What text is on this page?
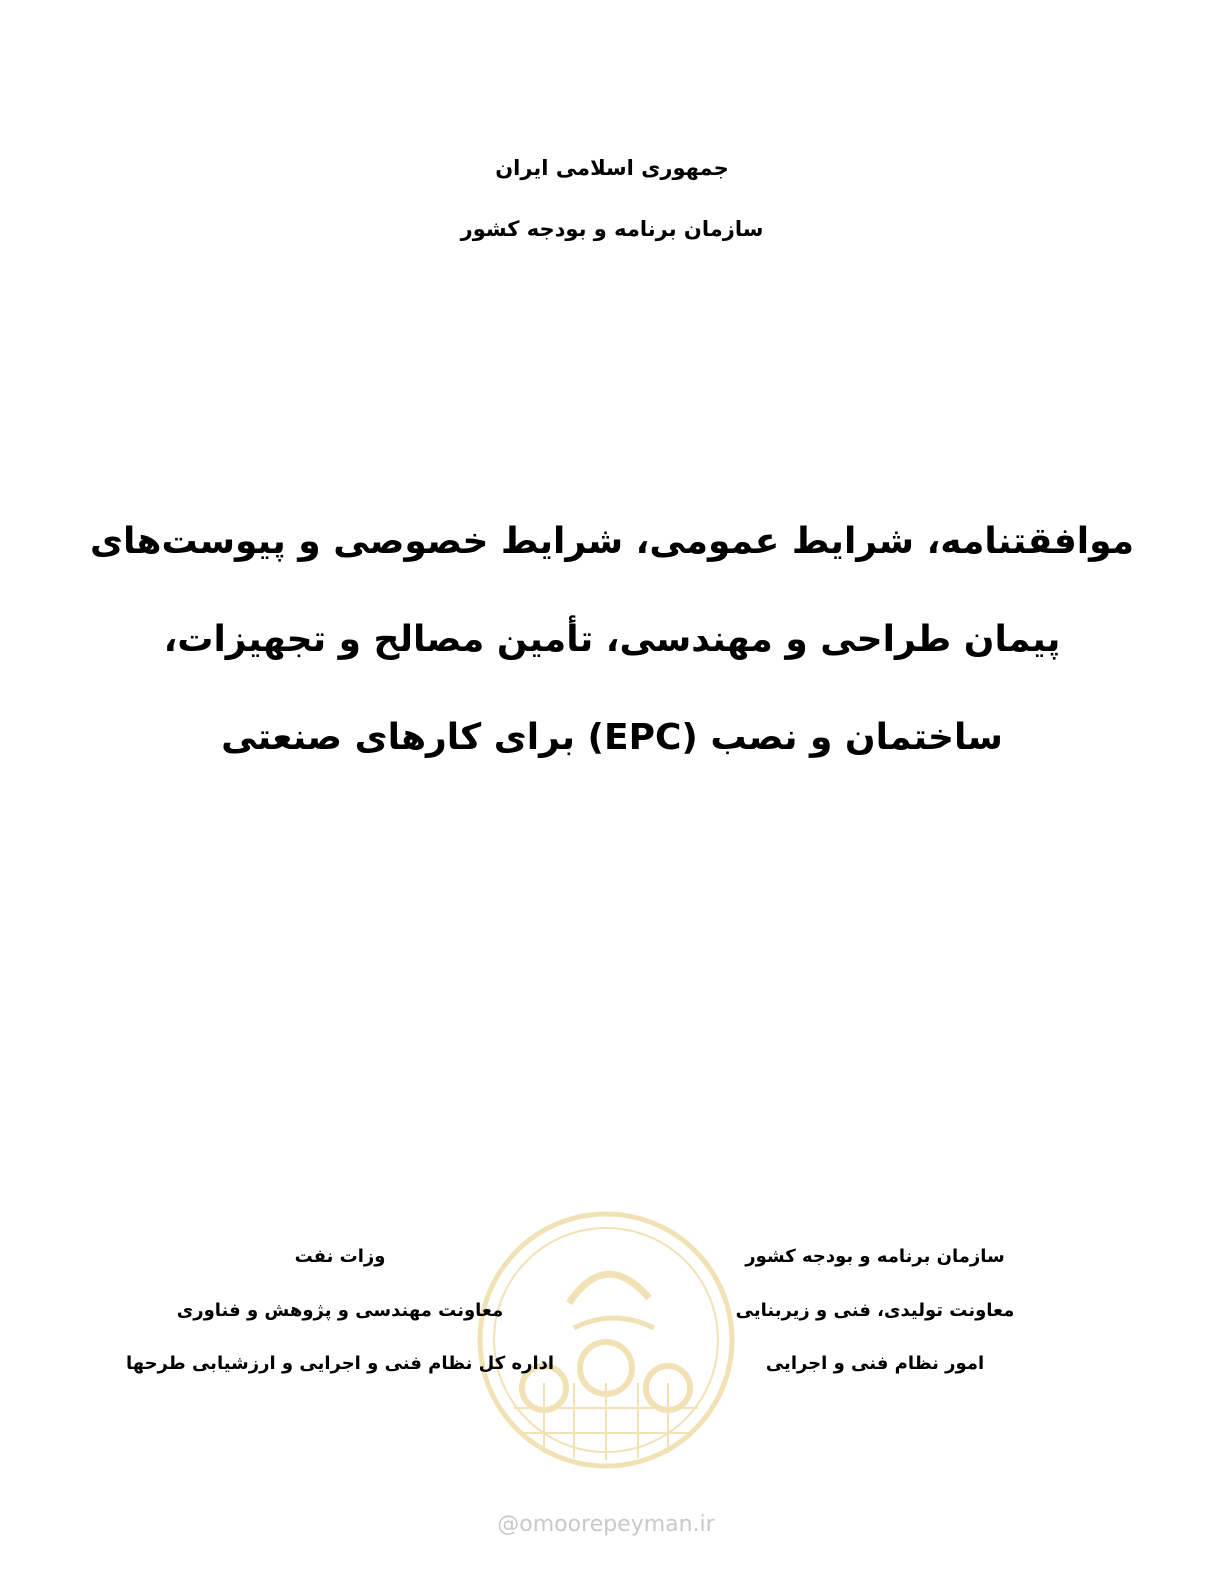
جمهوری اسلامی ایران
سازمان برنامه و بودجه کشور
موافقتنامه، شرایط عمومی، شرایط خصوصی و پیوست‌های
پیمان طراحی و مهندسی، تأمین مصالح و تجهیزات،
ساختمان و نصب (EPC) برای کارهای صنعتی
@omoorepeyman.ir
سازمان برنامه و بودجه کشور
معاونت تولیدی، فنی و زیربنایی
امور نظام فنی و اجرایی
وزات نفت
معاونت مهندسی و پژوهش و فناوری
اداره کل نظام فنی و اجرایی و ارزشیابی طرحها
